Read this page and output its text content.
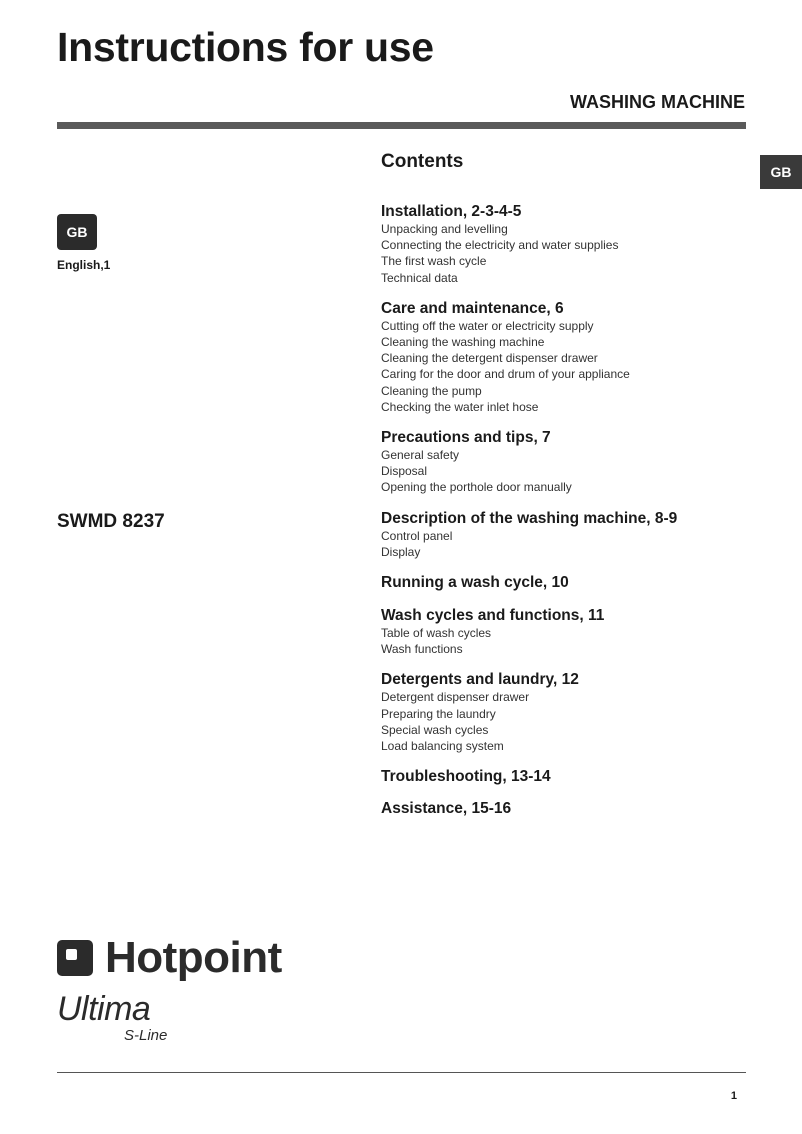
Instructions for use
WASHING MACHINE
GB
GB
English,1
SWMD 8237
Contents
Installation, 2-3-4-5
Unpacking and levelling
Connecting the electricity and water supplies
The first wash cycle
Technical data
Care and maintenance, 6
Cutting off the water or electricity supply
Cleaning the washing machine
Cleaning the detergent dispenser drawer
Caring for the door and drum of your appliance
Cleaning the pump
Checking the water inlet hose
Precautions and tips, 7
General safety
Disposal
Opening the porthole door manually
Description of the washing machine, 8-9
Control panel
Display
Running a wash cycle, 10
Wash cycles and functions, 11
Table of wash cycles
Wash functions
Detergents and laundry, 12
Detergent dispenser drawer
Preparing the laundry
Special wash cycles
Load balancing system
Troubleshooting, 13-14
Assistance, 15-16
Hotpoint
Ultima
S-Line
1
